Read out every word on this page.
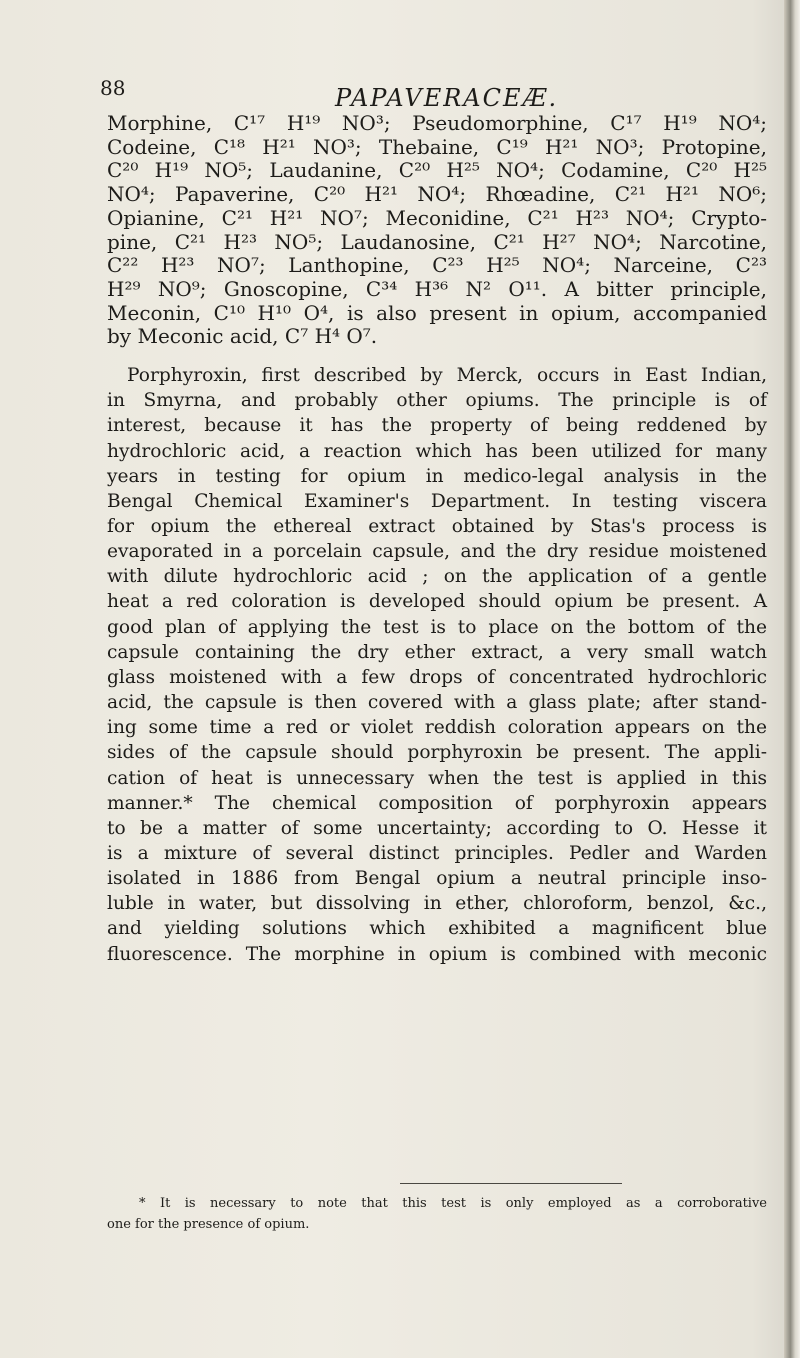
88	PAPAVERACEÆ.

Morphine, C¹⁷ H¹⁹ NO³; Pseudomorphine, C¹⁷ H¹⁹ NO⁴;

Codeine, C¹⁸ H²¹ NO³; Thebaine, C¹⁹ H²¹ NO³; Protopine,

C²⁰ H¹⁹ NO⁵; Laudanine, C²⁰ H²⁵ NO⁴; Codamine, C²⁰ H²⁵

NO⁴; Papaverine, C²⁰ H²¹ NO⁴; Rhœadine, C²¹ H²¹ NO⁶;

Opianine, C²¹ H²¹ NO⁷; Meconidine, C²¹ H²³ NO⁴; Crypto-

pine, C²¹ H²³ NO⁵; Laudanosine, C²¹ H²⁷ NO⁴; Narcotine,

C²² H²³ NO⁷; Lanthopine, C²³ H²⁵ NO⁴; Narceine, C²³

H²⁹ NO⁹; Gnoscopine, C³⁴ H³⁶ N² O¹¹. A bitter principle,

Meconin, C¹⁰ H¹⁰ O⁴, is also present in opium, accompanied

by Meconic acid, C⁷ H⁴ O⁷.

Porphyroxin, first described by Merck, occurs in East Indian,

in Smyrna, and probably other opiums. The principle is of

interest, because it has the property of being reddened by

hydrochloric acid, a reaction which has been utilized for many

years in testing for opium in medico-legal analysis in the

Bengal Chemical Examiner's Department. In testing viscera

for opium the ethereal extract obtained by Stas's process is

evaporated in a porcelain capsule, and the dry residue moistened

with dilute hydrochloric acid ; on the application of a gentle

heat a red coloration is developed should opium be present. A

good plan of applying the test is to place on the bottom of the

capsule containing the dry ether extract, a very small watch

glass moistened with a few drops of concentrated hydrochloric

acid, the capsule is then covered with a glass plate; after stand-

ing some time a red or violet reddish coloration appears on the

sides of the capsule should porphyroxin be present. The appli-

cation of heat is unnecessary when the test is applied in this

manner.* The chemical composition of porphyroxin appears

to be a matter of some uncertainty; according to O. Hesse it

is a mixture of several distinct principles. Pedler and Warden

isolated in 1886 from Bengal opium a neutral principle inso-

luble in water, but dissolving in ether, chloroform, benzol, &c.,

and yielding solutions which exhibited a magnificent blue

fluorescence. The morphine in opium is combined with meconic

* It is necessary to note that this test is only employed as a corroborative

one for the presence of opium.
